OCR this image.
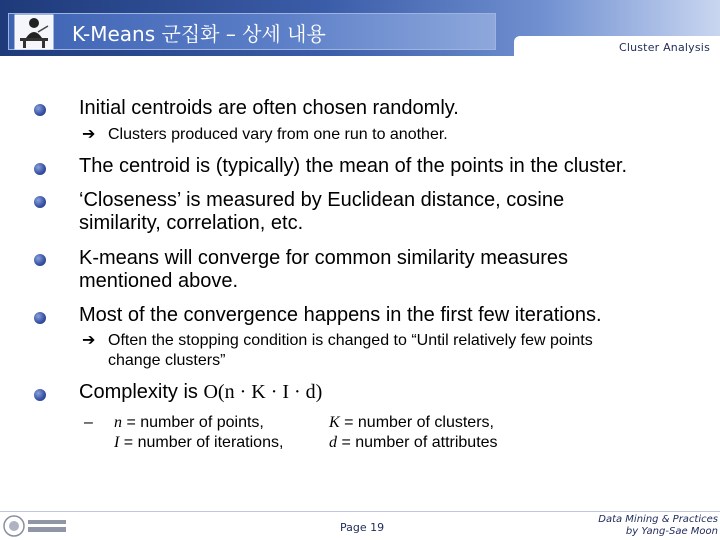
K-Means 군집화 – 상세 내용
Cluster Analysis
Initial centroids are often chosen randomly.
➔ Clusters produced vary from one run to another.
The centroid is (typically) the mean of the points in the cluster.
‘Closeness’ is measured by Euclidean distance, cosine
similarity, correlation, etc.
K-means will converge for common similarity measures
mentioned above.
Most of the convergence happens in the first few iterations.
➔ Often the stopping condition is changed to “Until relatively few points
change clusters”
Complexity is O(n · K · I · d)
– n = number of points,	K = number of clusters,
I = number of iterations,	d = number of attributes
Page 19
Data Mining & Practices
by Yang-Sae Moon
